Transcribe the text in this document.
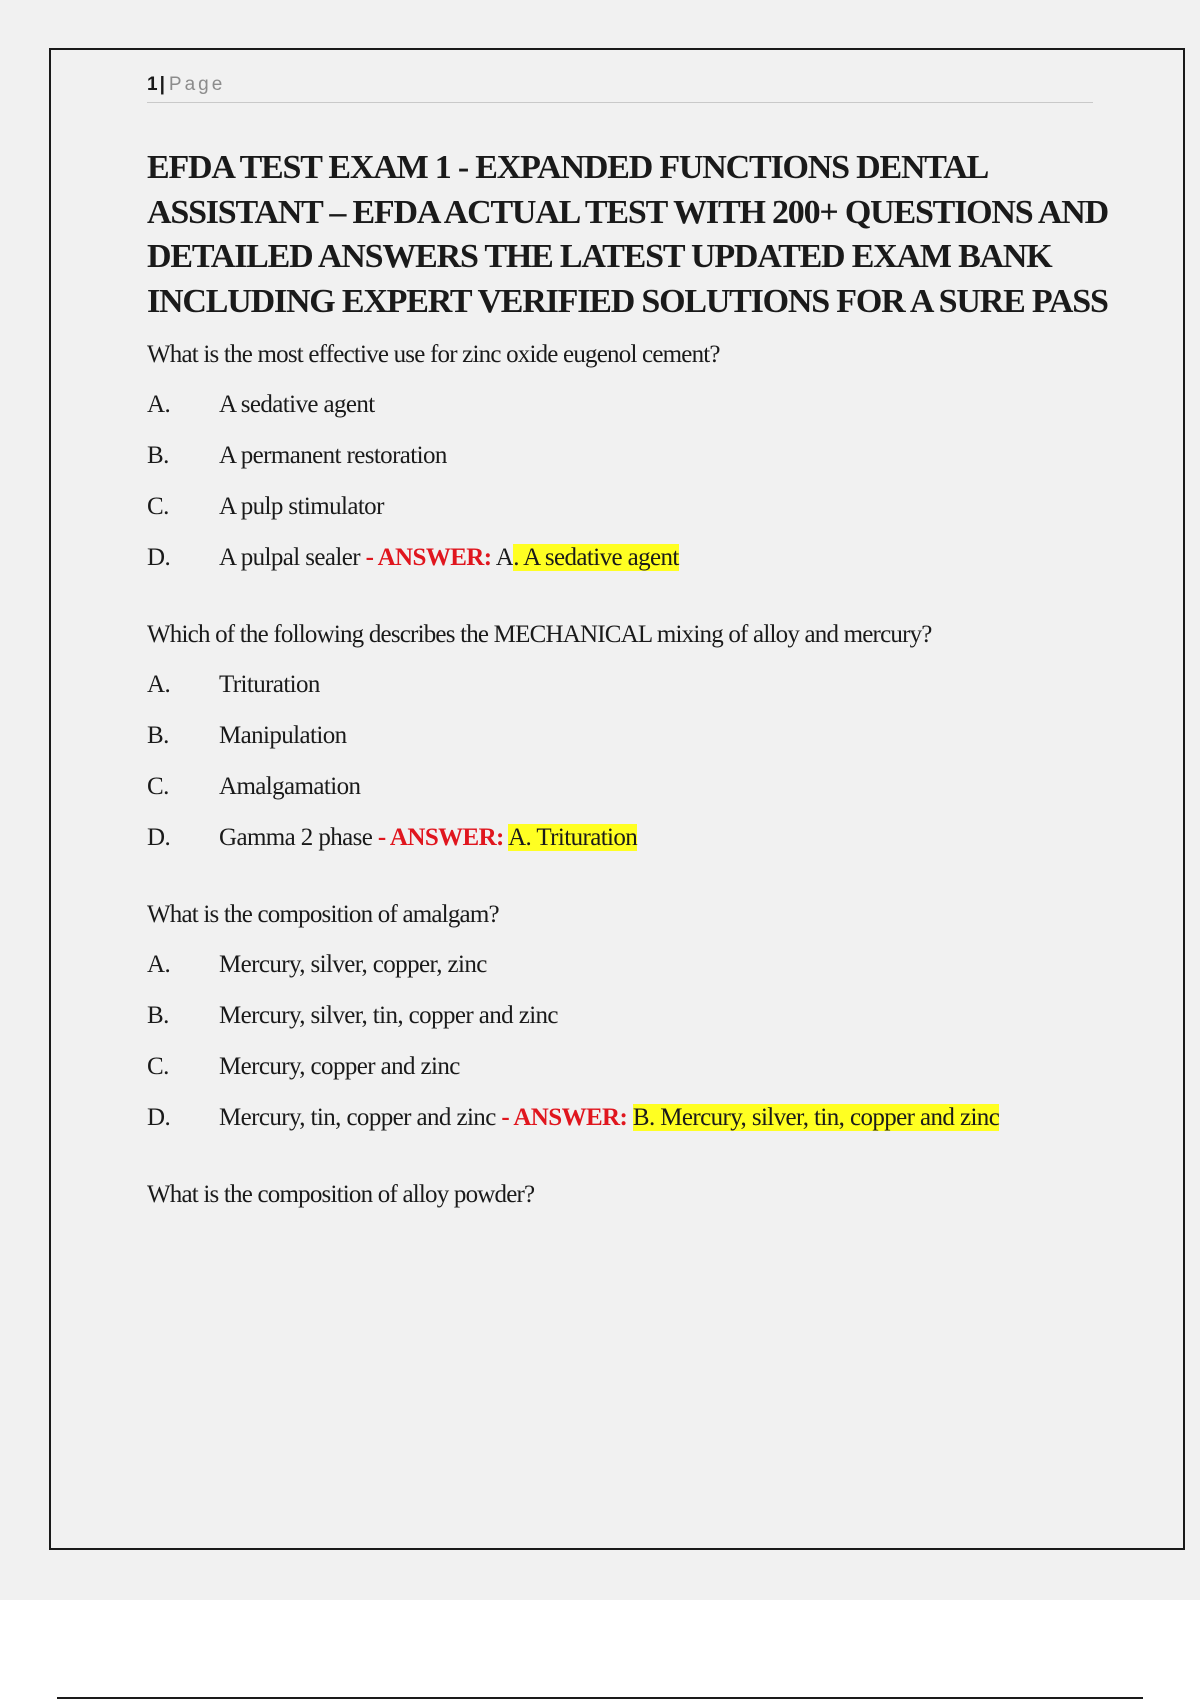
1 | Page
EFDA TEST EXAM 1 - EXPANDED FUNCTIONS DENTAL ASSISTANT – EFDA ACTUAL TEST WITH 200+ QUESTIONS AND DETAILED ANSWERS THE LATEST UPDATED EXAM BANK INCLUDING EXPERT VERIFIED SOLUTIONS FOR A SURE PASS

What is the most effective use for zinc oxide eugenol cement?

A. A sedative agent

B. A permanent restoration

C. A pulp stimulator

D. A pulpal sealer - ANSWER: A. A sedative agent

Which of the following describes the MECHANICAL mixing of alloy and mercury?

A. Trituration

B. Manipulation

C. Amalgamation

D. Gamma 2 phase - ANSWER: A. Trituration

What is the composition of amalgam?

A. Mercury, silver, copper, zinc

B. Mercury, silver, tin, copper and zinc

C. Mercury, copper and zinc

D. Mercury, tin, copper and zinc - ANSWER: B. Mercury, silver, tin, copper and zinc

What is the composition of alloy powder?
